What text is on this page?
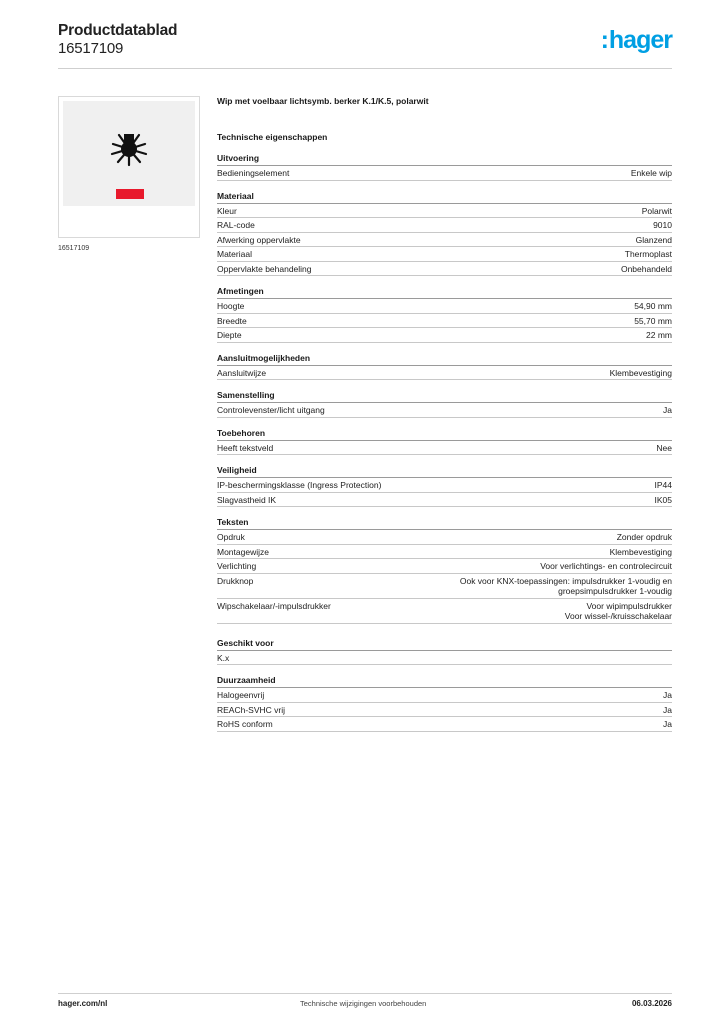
Productdatablad
16517109	:hager
16517109
Wip met voelbaar lichtsymb. berker K.1/K.5, polarwit
Technische eigenschappen
Uitvoering
Bedieningselement	Enkele wip
Materiaal
Kleur	Polarwit
RAL-code	9010
Afwerking oppervlakte	Glanzend
Materiaal	Thermoplast
Oppervlakte behandeling	Onbehandeld
Afmetingen
Hoogte	54,90 mm
Breedte	55,70 mm
Diepte	22 mm
Aansluitmogelijkheden
Aansluitwijze	Klembevestiging
Samenstelling
Controlevenster/licht uitgang	Ja
Toebehoren
Heeft tekstveld	Nee
Veiligheid
IP-beschermingsklasse (Ingress Protection)	IP44
Slagvastheid IK	IK05
Teksten
Opdruk	Zonder opdruk
Montagewijze	Klembevestiging
Verlichting	Voor verlichtings- en controlecircuit
Drukknop	Ook voor KNX-toepassingen: impulsdrukker 1-voudig en
groepsimpulsdrukker 1-voudig
Wipschakelaar/-impulsdrukker	Voor wipimpulsdrukker
Voor wissel-/kruisschakelaar
Geschikt voor
K.x
Duurzaamheid
Halogeenvrij	Ja
REACh-SVHC vrij	Ja
RoHS conform	Ja
hager.com/nl	Technische wijzigingen voorbehouden	06.03.2026
